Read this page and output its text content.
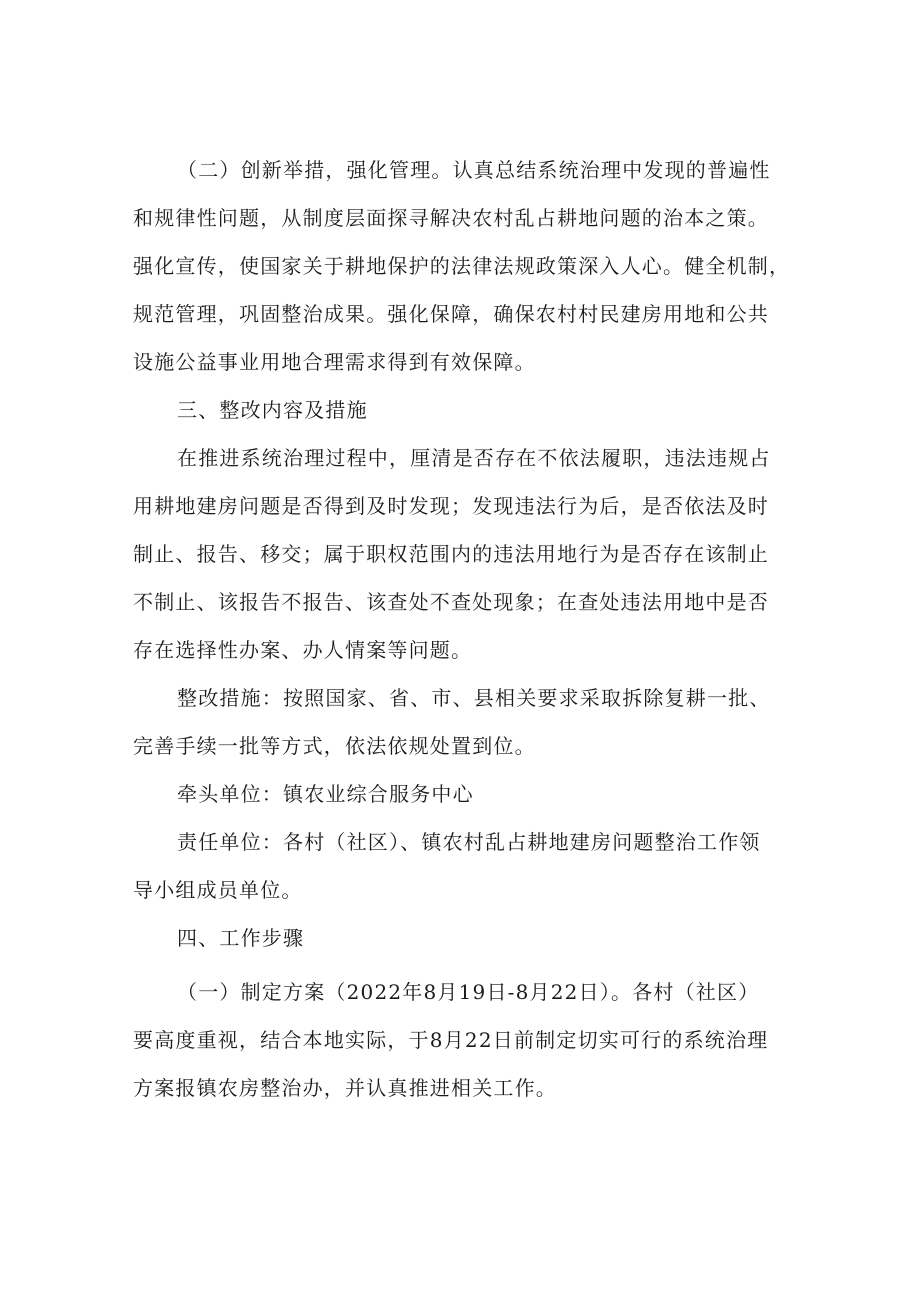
（二）创新举措，强化管理。认真总结系统治理中发现的普遍性
和规律性问题，从制度层面探寻解决农村乱占耕地问题的治本之策。
强化宣传，使国家关于耕地保护的法律法规政策深入人心。健全机制，
规范管理，巩固整治成果。强化保障，确保农村村民建房用地和公共
设施公益事业用地合理需求得到有效保障。
三、整改内容及措施
在推进系统治理过程中，厘清是否存在不依法履职，违法违规占
用耕地建房问题是否得到及时发现；发现违法行为后，是否依法及时
制止、报告、移交；属于职权范围内的违法用地行为是否存在该制止
不制止、该报告不报告、该查处不查处现象；在查处违法用地中是否
存在选择性办案、办人情案等问题。
整改措施：按照国家、省、市、县相关要求采取拆除复耕一批、
完善手续一批等方式，依法依规处置到位。
牵头单位：镇农业综合服务中心
责任单位：各村（社区）、镇农村乱占耕地建房问题整治工作领
导小组成员单位。
四、工作步骤
（一）制定方案（2022年8月19日-8月22日）。各村（社区）
要高度重视，结合本地实际，于8月22日前制定切实可行的系统治理
方案报镇农房整治办，并认真推进相关工作。
